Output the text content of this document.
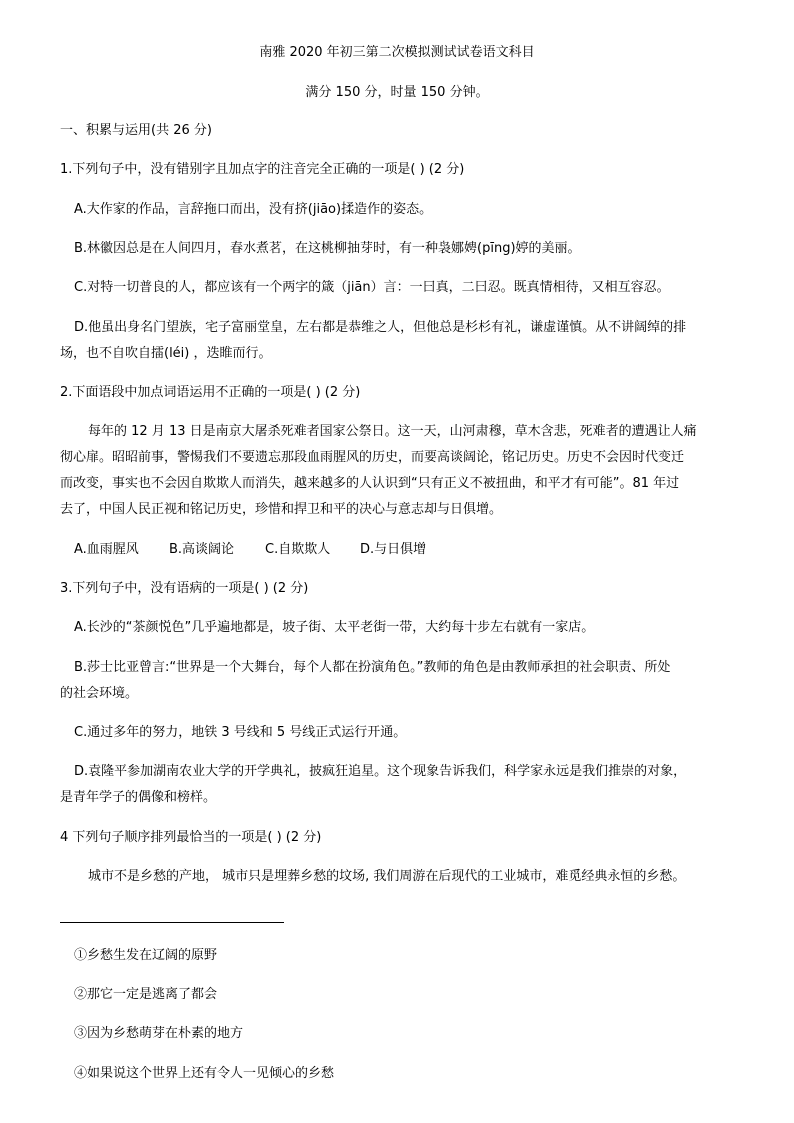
南雅 2020 年初三第二次模拟测试试卷语文科目
满分 150 分，时量 150 分钟。
一、积累与运用(共 26 分)
1.下列句子中，没有错别字且加点字的注音完全正确的一项是( ) (2 分)
A.大作家的作品，言辞拖口而出，没有挤(jiāo)揉造作的姿态。
B.林徽因总是在人间四月，春水煮茗，在这桃柳抽芽时，有一种袅娜娉(pīng)婷的美丽。
C.对特一切普良的人，都应该有一个两字的箴（jiān）言：一曰真，二曰忍。既真情相待，又相互容忍。
D.他虽出身名门望族，宅子富丽堂皇，左右都是恭维之人，但他总是杉杉有礼，谦虚谨慎。从不讲阔绰的排
场，也不自吹自擂(léi) ，迭睢而行。
2.下面语段中加点词语运用不正确的一项是( ) (2 分)
每年的 12 月 13 日是南京大屠杀死难者国家公祭日。这一天，山河肃穆，草木含悲，死难者的遭遇让人痛
彻心扉。昭昭前事，警惕我们不要遗忘那段血雨腥风的历史，而要高谈阔论，铭记历史。历史不会因时代变迁
而改变，事实也不会因自欺欺人而消失，越来越多的人认识到“只有正义不被扭曲，和平才有可能”。81 年过
去了，中国人民正视和铭记历史，珍惜和捍卫和平的决心与意志却与日俱增。
A.血雨腥风 B.高谈阔论 C.自欺欺人 D.与日俱增
3.下列句子中，没有语病的一项是( ) (2 分)
A.长沙的“茶颜悦色”几乎遍地都是，坡子街、太平老街一带，大约每十步左右就有一家店。
B.莎士比亚曾言:“世界是一个大舞台，每个人都在扮演角色。”教师的角色是由教师承担的社会职责、所处
的社会环境。
C.通过多年的努力，地铁 3 号线和 5 号线正式运行开通。
D.袁隆平参加湖南农业大学的开学典礼，披疯狂追星。这个现象告诉我们，科学家永远是我们推崇的对象，
是青年学子的偶像和榜样。
4 下列句子顺序排列最恰当的一项是( ) (2 分)
城市不是乡愁的产地， 城市只是埋葬乡愁的坟场, 我们周游在后现代的工业城市，难觅经典永恒的乡愁。
①乡愁生发在辽阔的原野
②那它一定是逃离了都会
③因为乡愁萌芽在朴素的地方
④如果说这个世界上还有令人一见倾心的乡愁
